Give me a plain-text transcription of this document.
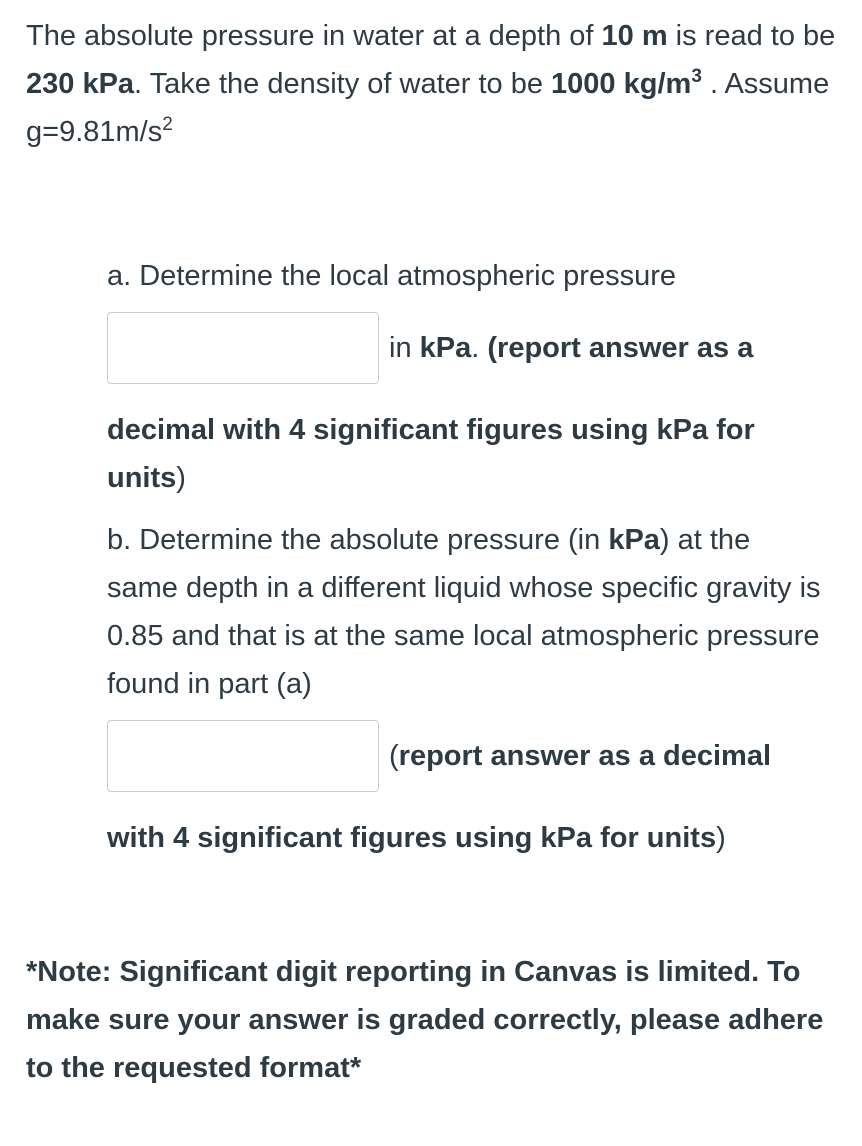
The absolute pressure in water at a depth of 10 m is read to be 230 kPa. Take the density of water to be 1000 $kg/m^3$ . Assume $g=9.81m/s^2$
a. Determine the local atmospheric pressure
in kPa. (report answer as a
decimal with 4 significant figures using kPa for units)
b. Determine the absolute pressure (in kPa) at the same depth in a different liquid whose specific gravity is 0.85 and that is at the same local atmospheric pressure found in part (a)
(report answer as a decimal
with 4 significant figures using kPa for units)
*Note: Significant digit reporting in Canvas is limited. To make sure your answer is graded correctly, please adhere to the requested format*
